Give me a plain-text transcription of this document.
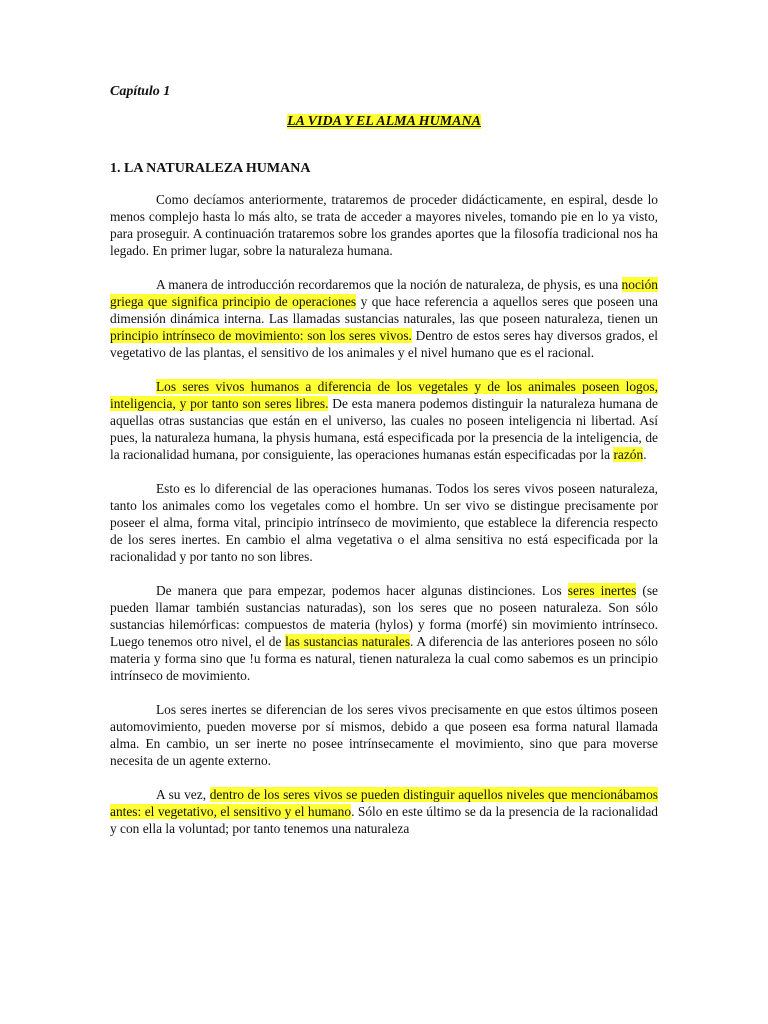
Capítulo 1
LA VIDA Y EL ALMA HUMANA
1. LA NATURALEZA HUMANA

Como decíamos anteriormente, trataremos de proceder didácticamente, en espiral, desde lo menos complejo hasta lo más alto, se trata de acceder a mayores niveles, tomando pie en lo ya visto, para proseguir. A continuación trataremos sobre los grandes aportes que la filosofía tradicional nos ha legado. En primer lugar, sobre la naturaleza humana.

A manera de introducción recordaremos que la noción de naturaleza, de physis, es una noción griega que significa principio de operaciones y que hace referencia a aquellos seres que poseen una dimensión dinámica interna. Las llamadas sustancias naturales, las que poseen naturaleza, tienen un principio intrínseco de movimiento: son los seres vivos. Dentro de estos seres hay diversos grados, el vegetativo de las plantas, el sensitivo de los animales y el nivel humano que es el racional.

Los seres vivos humanos a diferencia de los vegetales y de los animales poseen logos, inteligencia, y por tanto son seres libres. De esta manera podemos distinguir la naturaleza humana de aquellas otras sustancias que están en el universo, las cuales no poseen inteligencia ni libertad. Así pues, la naturaleza humana, la physis humana, está especificada por la presencia de la inteligencia, de la racionalidad humana, por consiguiente, las operaciones humanas están especificadas por la razón.

Esto es lo diferencial de las operaciones humanas. Todos los seres vivos poseen naturaleza, tanto los animales como los vegetales como el hombre. Un ser vivo se distingue precisamente por poseer el alma, forma vital, principio intrínseco de movimiento, que establece la diferencia respecto de los seres inertes. En cambio el alma vegetativa o el alma sensitiva no está especificada por la racionalidad y por tanto no son libres.

De manera que para empezar, podemos hacer algunas distinciones. Los seres inertes (se pueden llamar también sustancias naturadas), son los seres que no poseen naturaleza. Son sólo sustancias hilemórficas: compuestos de materia (hylos) y forma (morfé) sin movimiento intrínseco. Luego tenemos otro nivel, el de las sustancias naturales. A diferencia de las anteriores poseen no sólo materia y forma sino que !u forma es natural, tienen naturaleza la cual como sabemos es un principio intrínseco de movimiento.

Los seres inertes se diferencian de los seres vivos precisamente en que estos últimos poseen automovimiento, pueden moverse por sí mismos, debido a que poseen esa forma natural llamada alma. En cambio, un ser inerte no posee intrínsecamente el movimiento, sino que para moverse necesita de un agente externo.

A su vez, dentro de los seres vivos se pueden distinguir aquellos niveles que mencionábamos antes: el vegetativo, el sensitivo y el humano. Sólo en este último se da la presencia de la racionalidad y con ella la voluntad; por tanto tenemos una naturaleza
